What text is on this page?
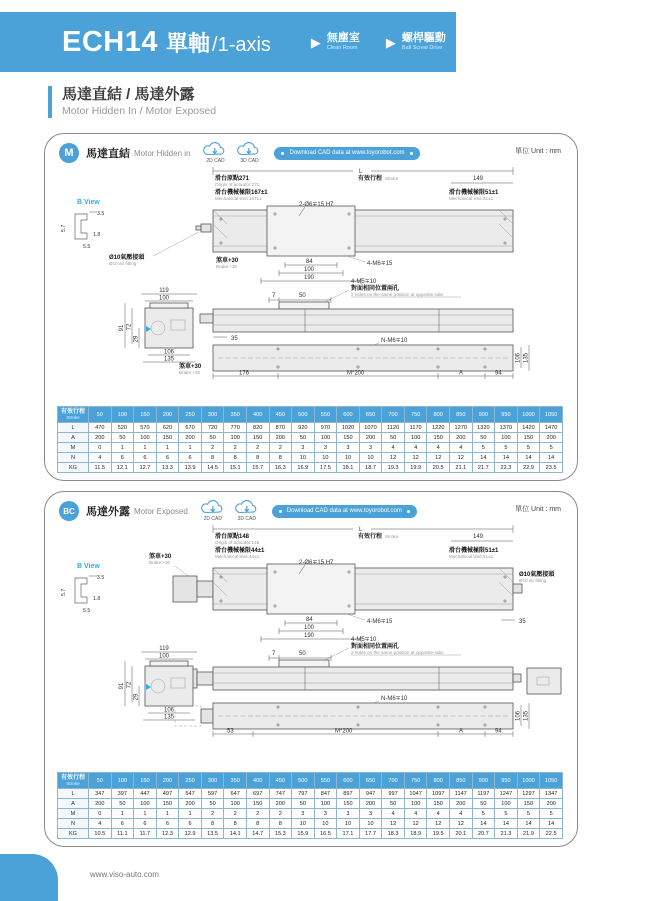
ECH14 單軸 /1-axis	▶ 無塵室
Clean Room ▶ 螺桿驅動
Ball Screw Drive
馬達直結 / 馬達外露
Motor Hidden In / Motor Exposed
M	馬達直結 Motor Hidden in
2D CAD	3D CAD
Download CAD data at www.toyorobot.com	單位 Unit : mm
B View
3.5
5.7
1.8
5.5
L
滑台原點271
Origin of actuator:271
有效行程 Stroke	149
滑台機械極限167±1
Mechanical limit:167±1
滑台機械極限51±1
Mechanical limit:51±1
2-Ø6∓15 H7
Ø10氣壓接頭
Ø10 air fitting	煞車+30
Brake:+30
84
100
190
4-M6∓15
4-M5∓10
對面相同位置兩孔
2 holes on the same position at opposite side.
7	50
35
119
100
91 72
29
106
135
N-M6∓10
106 135
煞車+30
Brake:+30	176	M*200	A	94
有效行程
Stroke	50	100	150	200	250	300	350	400	450	500	550	600	650	700	750	800	850	900	950	1000	1050
L	470	520	570	620	670	720	770	820	870	920	970	1020	1070	1120	1170	1220	1270	1320	1370	1420	1470
A	200	50	100	150	200	50	100	150	200	50	100	150	200	50	100	150	200	50	100	150	200
M	0	1	1	1	1	2	2	2	2	3	3	3	3	4	4	4	4	5	5	5	5
N	4	6	6	6	6	8	8	8	8	10	10	10	10	12	12	12	12	14	14	14	14
KG	11.5	12.1	12.7	13.3	13.9	14.5	15.1	15.7	16.3	16.9	17.5	18.1	18.7	19.3	19.9	20.5	21.1	21.7	22.3	22.9	23.5
BC	馬達外露 Motor Exposed
2D CAD	3D CAD
Download CAD data at www.toyorobot.com	單位 Unit : mm
B View
3.5
5.7
1.8
5.5
L
滑台原點148
Origin of actuator:148
有效行程 Stroke	149
滑台機械極限44±1
Mechanical limit:44±1
滑台機械極限51±1
Mechanical limit:51±1
煞車+30
Brake:+30	2-Ø6∓15 H7
Ø10氣壓接頭
Ø10 air fitting
35
84
100
190
4-M6∓15
4-M5∓10
對面相同位置兩孔
2 holes on the same position at opposite side.
7	50
119
100
91 72
29
106
135
N-M6∓10
106 135
53	M*200	A	94
有效行程
Stroke	50	100	150	200	250	300	350	400	450	500	550	600	650	700	750	800	850	900	950	1000	1050
L	347	397	447	497	547	597	647	697	747	797	847	897	947	997	1047	1097	1147	1197	1247	1297	1347
A	200	50	100	150	200	50	100	150	200	50	100	150	200	50	100	150	200	50	100	150	200
M	0	1	1	1	1	2	2	2	2	3	3	3	3	4	4	4	4	5	5	5	5
N	4	6	6	6	6	8	8	8	8	10	10	10	10	12	12	12	12	14	14	14	14
KG	10.5	11.1	11.7	12.3	12.9	13.5	14.1	14.7	15.3	15.9	16.5	17.1	17.7	18.3	18.9	19.5	20.1	20.7	21.3	21.9	22.5
www.viso-auto.com
